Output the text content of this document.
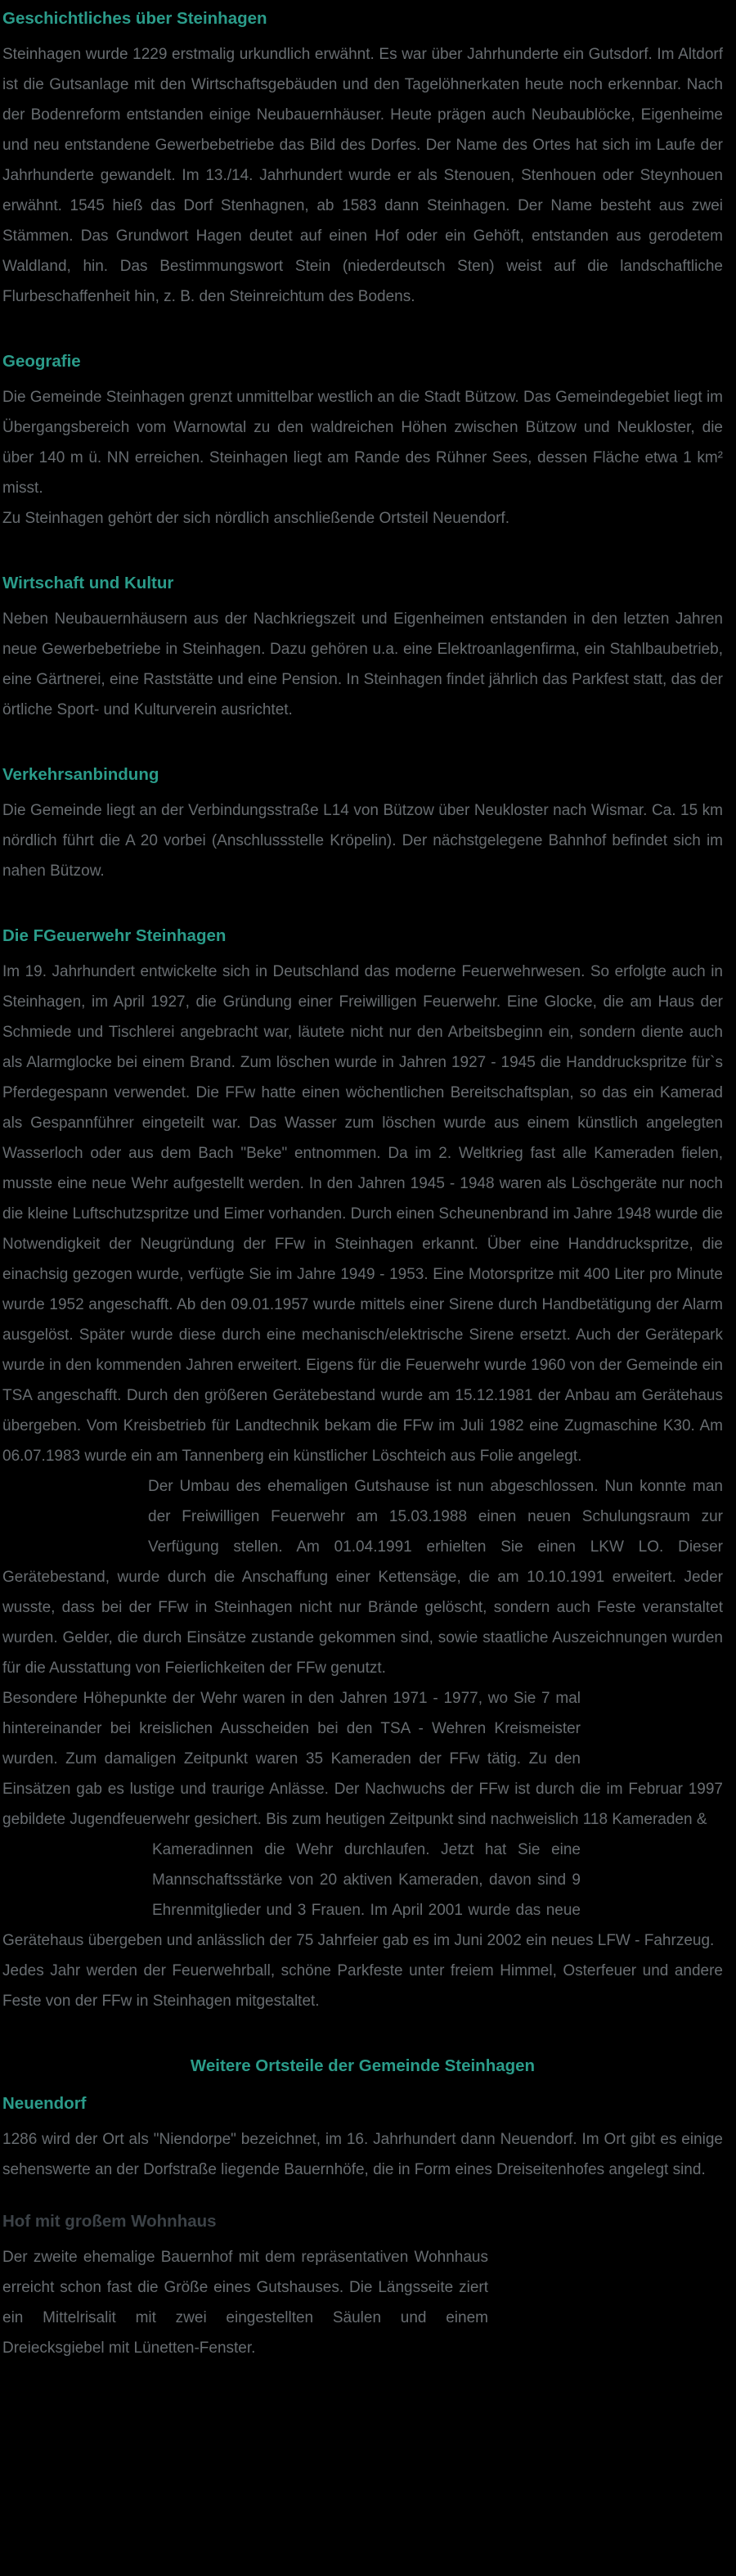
Geschichtliches über Steinhagen

Steinhagen wurde 1229 erstmalig urkundlich erwähnt. Es war über Jahrhunderte ein Gutsdorf. Im Altdorf ist die Gutsanlage mit den Wirtschaftsgebäuden und den Tagelöhnerkaten heute noch erkennbar. Nach der Bodenreform entstanden einige Neubauernhäuser. Heute prägen auch Neubaublöcke, Eigenheime und neu entstandene Gewerbebetriebe das Bild des Dorfes. Der Name des Ortes hat sich im Laufe der Jahrhunderte gewandelt. Im 13./14. Jahrhundert wurde er als Stenouen, Stenhouen oder Steynhouen erwähnt. 1545 hieß das Dorf Stenhagnen, ab 1583 dann Steinhagen. Der Name besteht aus zwei Stämmen. Das Grundwort Hagen deutet auf einen Hof oder ein Gehöft, entstanden aus gerodetem Waldland, hin. Das Bestimmungswort Stein (niederdeutsch Sten) weist auf die landschaftliche Flurbeschaffenheit hin, z. B. den Steinreichtum des Bodens.

Geografie

Die Gemeinde Steinhagen grenzt unmittelbar westlich an die Stadt Bützow. Das Gemeindegebiet liegt im Übergangsbereich vom Warnowtal zu den waldreichen Höhen zwischen Bützow und Neukloster, die über 140 m ü. NN erreichen. Steinhagen liegt am Rande des Rühner Sees, dessen Fläche etwa 1 km² misst.

Zu Steinhagen gehört der sich nördlich anschließende Ortsteil Neuendorf.

Wirtschaft und Kultur

Neben Neubauernhäusern aus der Nachkriegszeit und Eigenheimen entstanden in den letzten Jahren neue Gewerbebetriebe in Steinhagen. Dazu gehören u.a. eine Elektroanlagenfirma, ein Stahlbaubetrieb, eine Gärtnerei, eine Raststätte und eine Pension. In Steinhagen findet jährlich das Parkfest statt, das der örtliche Sport- und Kulturverein ausrichtet.

Verkehrsanbindung

Die Gemeinde liegt an der Verbindungsstraße L14 von Bützow über Neukloster nach Wismar. Ca. 15 km nördlich führt die A 20 vorbei (Anschlussstelle Kröpelin). Der nächstgelegene Bahnhof befindet sich im nahen Bützow.

Die FGeuerwehr Steinhagen

Im 19. Jahrhundert entwickelte sich in Deutschland das moderne Feuerwehrwesen. So erfolgte auch in Steinhagen, im April 1927, die Gründung einer Freiwilligen Feuerwehr. Eine Glocke, die am Haus der Schmiede und Tischlerei angebracht war, läutete nicht nur den Arbeitsbeginn ein, sondern diente auch als Alarmglocke bei einem Brand. Zum löschen wurde in Jahren 1927 - 1945 die Handdruckspritze für`s Pferdegespann verwendet. Die FFw hatte einen wöchentlichen Bereitschaftsplan, so das ein Kamerad als Gespannführer eingeteilt war. Das Wasser zum löschen wurde aus einem künstlich angelegten Wasserloch oder aus dem Bach "Beke" entnommen. Da im 2. Weltkrieg fast alle Kameraden fielen, musste eine neue Wehr aufgestellt werden. In den Jahren 1945 - 1948 waren als Löschgeräte nur noch die kleine Luftschutzspritze und Eimer vorhanden. Durch einen Scheunenbrand im Jahre 1948 wurde die Notwendigkeit der Neugründung der FFw in Steinhagen erkannt. Über eine Handdruckspritze, die einachsig gezogen wurde, verfügte Sie im Jahre 1949 - 1953. Eine Motorspritze mit 400 Liter pro Minute wurde 1952 angeschafft. Ab den 09.01.1957 wurde mittels einer Sirene durch Handbetätigung der Alarm ausgelöst. Später wurde diese durch eine mechanisch/elektrische Sirene ersetzt. Auch der Gerätepark wurde in den kommenden Jahren erweitert. Eigens für die Feuerwehr wurde 1960 von der Gemeinde ein TSA angeschafft. Durch den größeren Gerätebestand wurde am 15.12.1981 der Anbau am Gerätehaus übergeben. Vom Kreisbetrieb für Landtechnik bekam die FFw im Juli 1982 eine Zugmaschine K30. Am 06.07.1983 wurde ein am Tannenberg ein künstlicher Löschteich aus Folie angelegt.

Der Umbau des ehemaligen Gutshause ist nun abgeschlossen. Nun konnte man der Freiwilligen Feuerwehr am 15.03.1988 einen neuen Schulungsraum zur Verfügung stellen. Am 01.04.1991 erhielten Sie einen LKW LO. Dieser Gerätebestand, wurde durch die Anschaffung einer Kettensäge, die am 10.10.1991 erweitert. Jeder wusste, dass bei der FFw in Steinhagen nicht nur Brände gelöscht, sondern auch Feste veranstaltet wurden. Gelder, die durch Einsätze zustande gekommen sind, sowie staatliche Auszeichnungen wurden für die Ausstattung von Feierlichkeiten der FFw genutzt.

Besondere Höhepunkte der Wehr waren in den Jahren 1971 - 1977, wo Sie 7 mal hintereinander bei kreislichen Ausscheiden bei den TSA - Wehren Kreismeister wurden. Zum damaligen Zeitpunkt waren 35 Kameraden der FFw tätig. Zu den Einsätzen gab es lustige und traurige Anlässe. Der Nachwuchs der FFw ist durch die im Februar 1997 gebildete Jugendfeuerwehr gesichert. Bis zum heutigen Zeitpunkt sind nachweislich 118 Kameraden &

Kameradinnen die Wehr durchlaufen. Jetzt hat Sie eine Mannschaftsstärke von 20 aktiven Kameraden, davon sind 9 Ehrenmitglieder und 3 Frauen. Im April 2001 wurde das neue Gerätehaus übergeben und anlässlich der 75 Jahrfeier gab es im Juni 2002 ein neues LFW - Fahrzeug.

Jedes Jahr werden der Feuerwehrball, schöne Parkfeste unter freiem Himmel, Osterfeuer und andere Feste von der FFw in Steinhagen mitgestaltet.

Weitere Ortsteile der Gemeinde Steinhagen
Neuendorf

1286 wird der Ort als "Niendorpe" bezeichnet, im 16. Jahrhundert dann Neuendorf. Im Ort gibt es einige sehenswerte an der Dorfstraße liegende Bauernhöfe, die in Form eines Dreiseitenhofes angelegt sind.

Hof mit großem Wohnhaus

Der zweite ehemalige Bauernhof mit dem repräsentativen Wohnhaus erreicht schon fast die Größe eines Gutshauses. Die Längsseite ziert ein Mittelrisalit mit zwei eingestellten Säulen und einem Dreiecksgiebel mit Lünetten-Fenster.
